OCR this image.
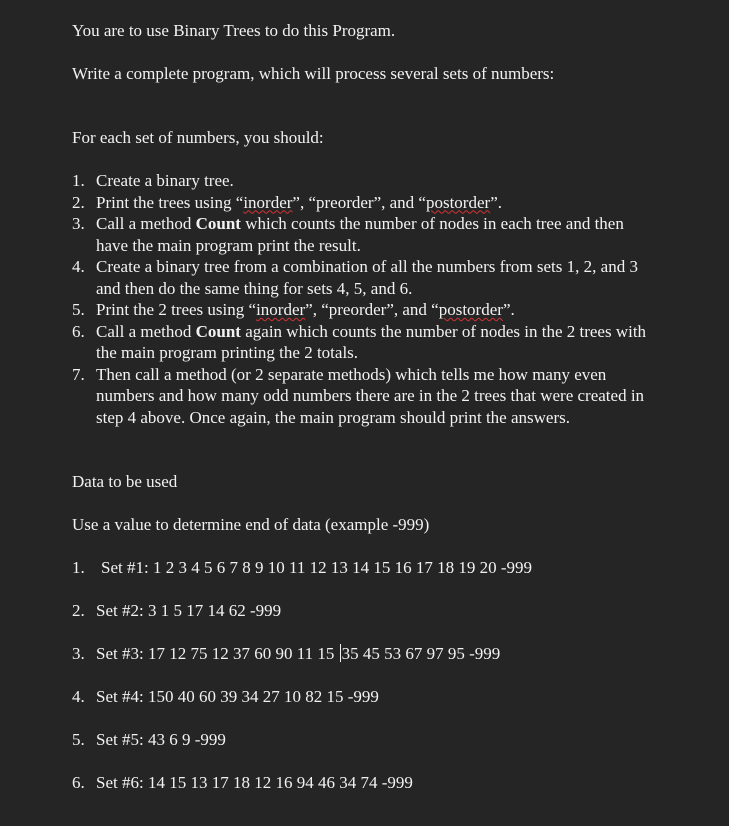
You are to use Binary Trees to do this Program.

Write a complete program, which will process several sets of numbers:

For each set of numbers, you should:

1. Create a binary tree.
2. Print the trees using “inorder”, “preorder”, and “postorder”.
3. Call a method Count which counts the number of nodes in each tree and then have the main program print the result.
4. Create a binary tree from a combination of all the numbers from sets 1, 2, and 3 and then do the same thing for sets 4, 5, and 6.
5. Print the 2 trees using “inorder”, “preorder”, and “postorder”.
6. Call a method Count again which counts the number of nodes in the 2 trees with the main program printing the 2 totals.
7. Then call a method (or 2 separate methods) which tells me how many even numbers and how many odd numbers there are in the 2 trees that were created in step 4 above. Once again, the main program should print the answers.

Data to be used

Use a value to determine end of data (example -999)

1. Set #1: 1 2 3 4 5 6 7 8 9 10 11 12 13 14 15 16 17 18 19 20 -999
2. Set #2: 3 1 5 17 14 62 -999
3. Set #3: 17 12 75 12 37 60 90 11 15 35 45 53 67 97 95 -999
4. Set #4: 150 40 60 39 34 27 10 82 15 -999
5. Set #5: 43 6 9 -999
6. Set #6: 14 15 13 17 18 12 16 94 46 34 74 -999
